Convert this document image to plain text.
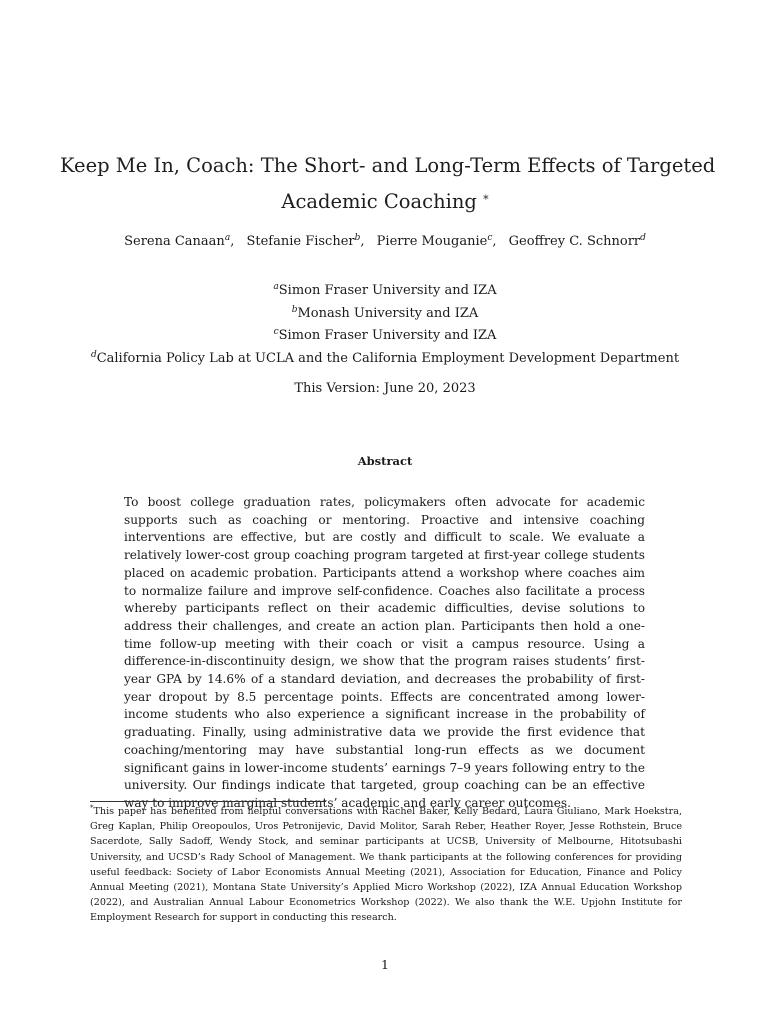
Keep Me In, Coach: The Short- and Long-Term Effects of Targeted
Academic Coaching *
Serena Canaan$^a$, Stefanie Fischer$^b$, Pierre Mouganie$^c$, Geoffrey C. Schnorr$^d$
$^a$Simon Fraser University and IZA
$^b$Monash University and IZA
$^c$Simon Fraser University and IZA
$^d$California Policy Lab at UCLA and the California Employment Development Department
This Version: June 20, 2023
Abstract

To boost college graduation rates, policymakers often advocate for academic supports such as coaching or mentoring. Proactive and intensive coaching interventions are effective, but are costly and difficult to scale. We evaluate a relatively lower-cost group coaching program targeted at first-year college students placed on academic probation. Participants attend a workshop where coaches aim to normalize failure and improve self-confidence. Coaches also facilitate a process whereby participants reflect on their academic difficulties, devise solutions to address their challenges, and create an action plan. Participants then hold a one-time follow-up meeting with their coach or visit a campus resource. Using a difference-in-discontinuity design, we show that the program raises students’ first-year GPA by 14.6% of a standard deviation, and decreases the probability of first-year dropout by 8.5 percentage points. Effects are concentrated among lower-income students who also experience a significant increase in the probability of graduating. Finally, using administrative data we provide the first evidence that coaching/mentoring may have substantial long-run effects as we document significant gains in lower-income students’ earnings 7–9 years following entry to the university. Our findings indicate that targeted, group coaching can be an effective way to improve marginal students’ academic and early career outcomes.

*This paper has benefited from helpful conversations with Rachel Baker, Kelly Bedard, Laura Giuliano, Mark Hoekstra, Greg Kaplan, Philip Oreopoulos, Uros Petronijevic, David Molitor, Sarah Reber, Heather Royer, Jesse Rothstein, Bruce Sacerdote, Sally Sadoff, Wendy Stock, and seminar participants at UCSB, University of Melbourne, Hitotsubashi University, and UCSD’s Rady School of Management. We thank participants at the following conferences for providing useful feedback: Society of Labor Economists Annual Meeting (2021), Association for Education, Finance and Policy Annual Meeting (2021), Montana State University’s Applied Micro Workshop (2022), IZA Annual Education Workshop (2022), and Australian Annual Labour Econometrics Workshop (2022). We also thank the W.E. Upjohn Institute for Employment Research for support in conducting this research.

1
